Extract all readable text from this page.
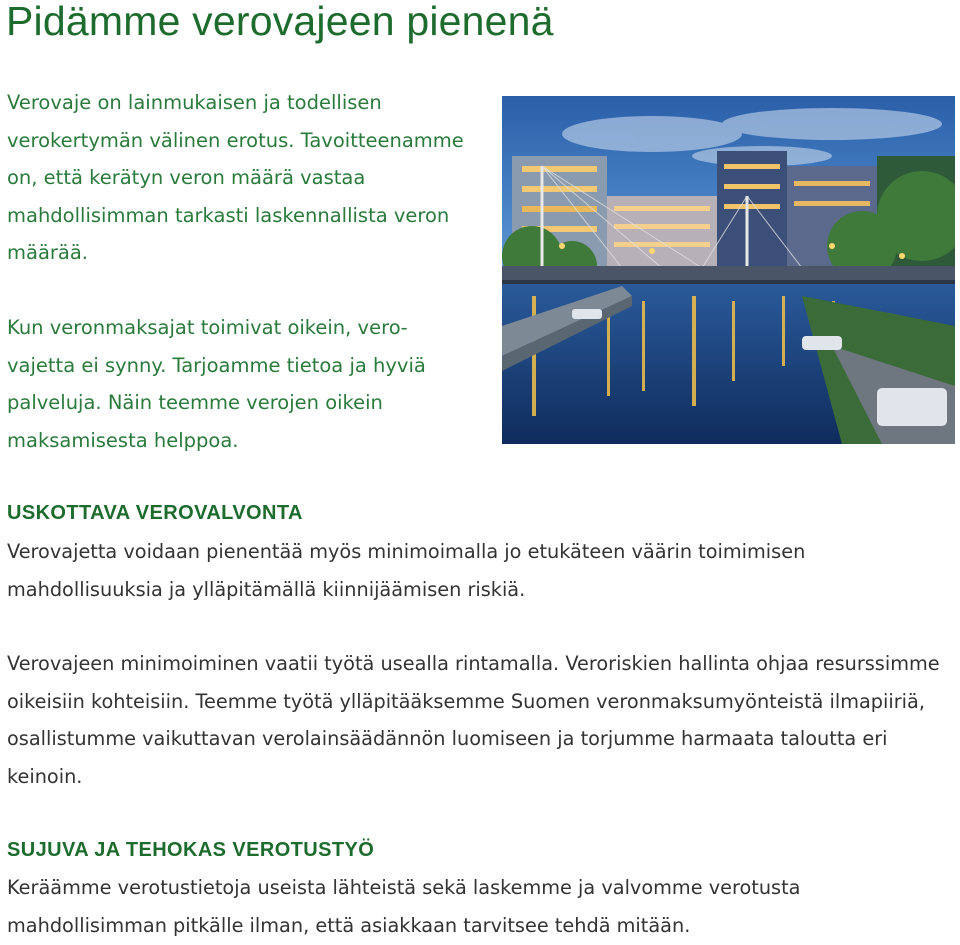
Pidämme verovajeen pienenä

Verovaje on lainmukaisen ja todellisen verokertymän välinen erotus. Tavoitteenamme on, että kerätyn veron määrä vastaa mahdollisimman tarkasti laskennallista veron määrää.

Kun veronmaksajat toimivat oikein, verovajetta ei synny. Tarjoamme tietoa ja hyviä palveluja. Näin teemme verojen oikein maksamisesta helppoa.

USKOTTAVA VEROVALVONTA

Verovajetta voidaan pienentää myös minimoimalla jo etukäteen väärin toimimisen mahdollisuuksia ja ylläpitämällä kiinnijäämisen riskiä.

Verovajeen minimoiminen vaatii työtä usealla rintamalla. Veroriskien hallinta ohjaa resurssimme oikeisiin kohteisiin. Teemme työtä ylläpitääksemme Suomen veronmaksumyönteistä ilmapiiriä, osallistumme vaikuttavan verolainsäädännön luomiseen ja torjumme harmaata taloutta eri keinoin.

SUJUVA JA TEHOKAS VEROTUSTYÖ

Keräämme verotustietoja useista lähteistä sekä laskemme ja valvomme verotusta mahdollisimman pitkälle ilman, että asiakkaan tarvitsee tehdä mitään.
